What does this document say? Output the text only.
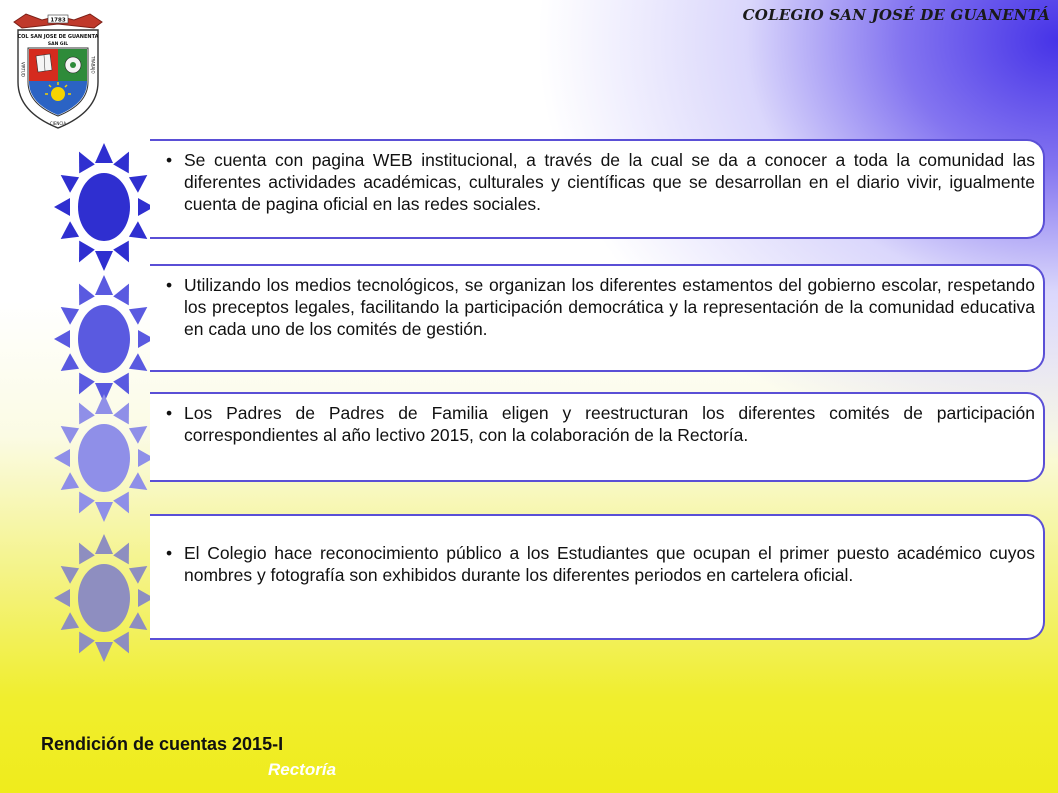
COLEGIO SAN JOSÉ DE GUANENTÁ
1783
COL SAN JOSE DE GUANENTA
SAN GIL
VIRTUD	TRABAJO
CIENCIA
• Se cuenta con pagina WEB institucional, a través de la cual se da a conocer a toda la comunidad las diferentes actividades académicas, culturales y científicas que se desarrollan en el diario vivir, igualmente cuenta de pagina oficial en las redes sociales.
• Utilizando los medios tecnológicos, se organizan los diferentes estamentos del gobierno escolar, respetando los preceptos legales, facilitando la participación democrática y la representación de la comunidad educativa en cada uno de los comités de gestión.
• Los Padres de Padres de Familia eligen y reestructuran los diferentes comités de participación correspondientes al año lectivo 2015, con la colaboración de la Rectoría.
• El Colegio hace reconocimiento público a los Estudiantes que ocupan el primer puesto académico cuyos nombres y fotografía son exhibidos durante los diferentes periodos en cartelera oficial.
Rendición de cuentas 2015-I
Rectoría
